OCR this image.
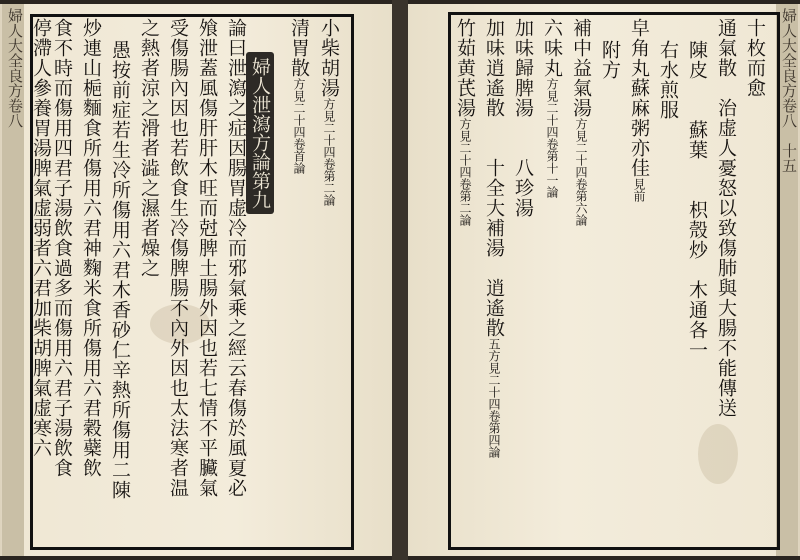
婦人大全良方卷八	婦人泄瀉方論第九 小柴胡湯方見二十四卷第二論
清胃散方見二十四卷首論
論曰泄瀉之症因腸胃虚冷而邪氣乘之經云春傷於風夏必
飧泄蓋風傷肝肝木旺而尅脾土腸外因也若七情不平臟氣
受傷腸內因也若飲食生冷傷脾腸不內外因也太法寒者温
之熱者涼之滑者澁之濕者燥之
愚按前症若生冷所傷用六君木香砂仁辛熱所傷用二陳
炒連山梔麵食所傷用六君神麴米食所傷用六君穀蘗飲
食不時而傷用四君子湯飲食過多而傷用六君子湯飲食
停滯人參養胃湯脾氣虚弱者六君加柴胡脾氣虚寒六	婦人大全良方卷八　十五
十枚而愈
通氣散　治虚人憂怒以致傷肺與大腸不能傳送
陳皮　　蘇葉　　枳殼炒　木通各一
右水煎服
皁角丸蘇麻粥亦佳見前
附方
補中益氣湯方見二十四卷第六論
六味丸方見二十四卷第十一論
加味歸脾湯　　八珍湯
加味逍遙散　　十全大補湯　逍遙散五方見二十四卷第四論
竹茹黄芪湯方見二十四卷第二論
